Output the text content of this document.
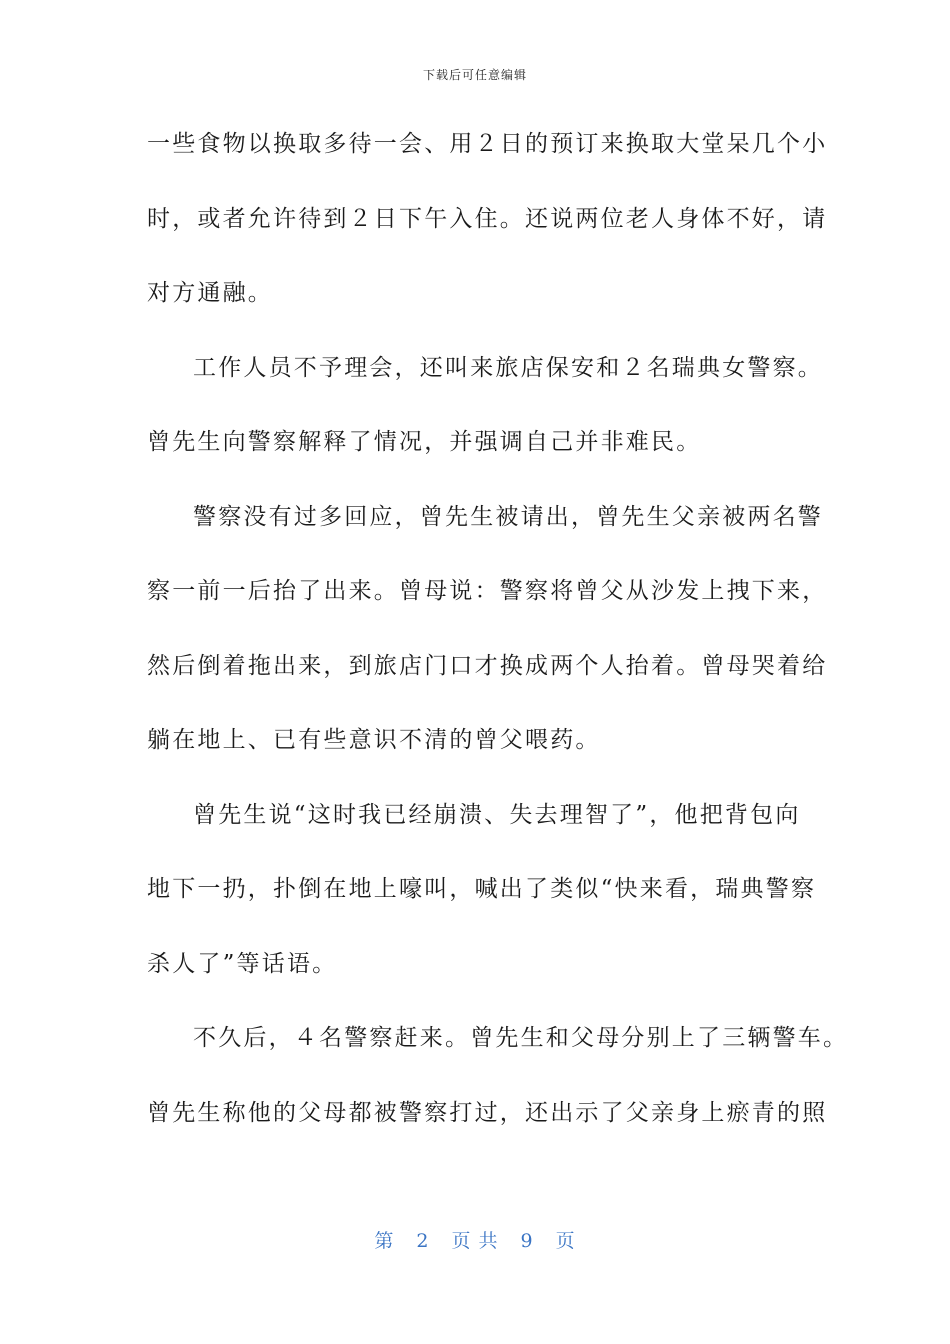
下载后可任意编辑
一些食物以换取多待一会、用２日的预订来换取大堂呆几个小
时，或者允许待到２日下午入住。还说两位老人身体不好，请
对方通融。
工作人员不予理会，还叫来旅店保安和２名瑞典女警察。
曾先生向警察解释了情况，并强调自己并非难民。
警察没有过多回应，曾先生被请出，曾先生父亲被两名警
察一前一后抬了出来。曾母说：警察将曾父从沙发上拽下来，
然后倒着拖出来，到旅店门口才换成两个人抬着。曾母哭着给
躺在地上、已有些意识不清的曾父喂药。
曾先生说“这时我已经崩溃、失去理智了”，他把背包向
地下一扔，扑倒在地上嚎叫，喊出了类似“快来看，瑞典警察
杀人了”等话语。
不久后，４名警察赶来。曾先生和父母分别上了三辆警车。
曾先生称他的父母都被警察打过，还出示了父亲身上瘀青的照
第 2 页 共 9 页
